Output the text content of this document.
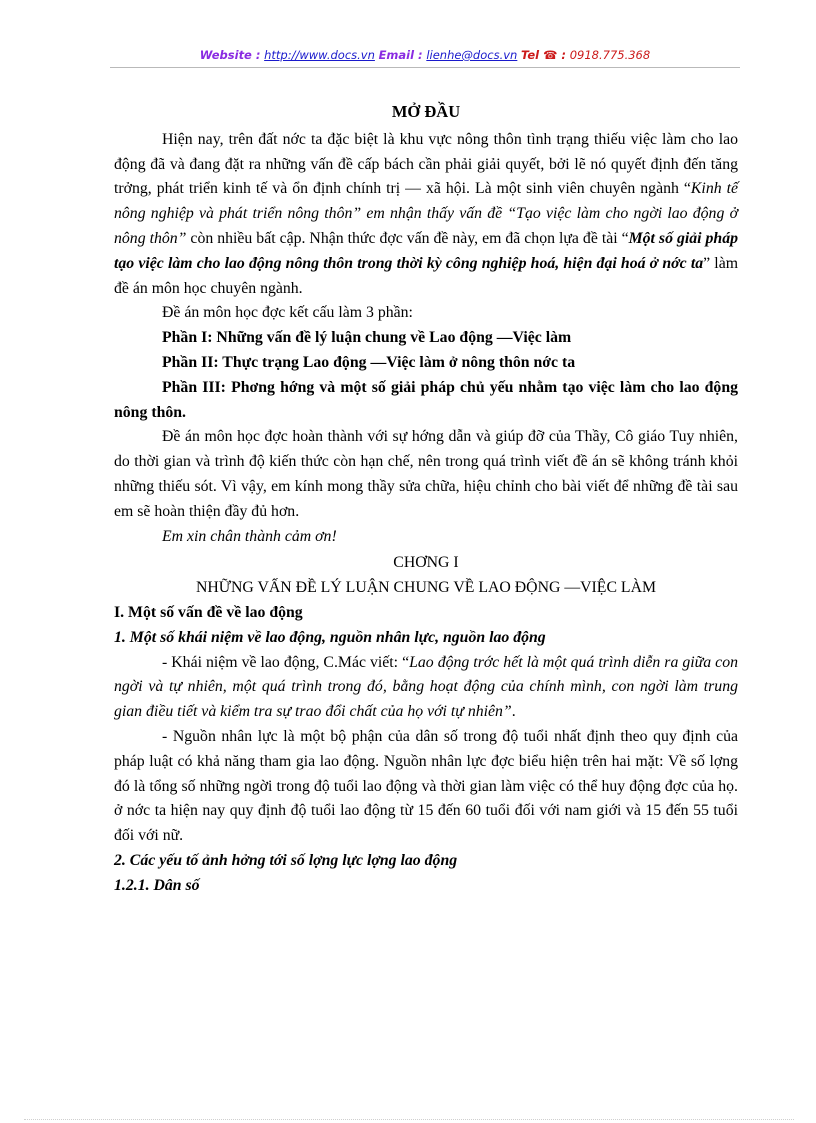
Website : http://www.docs.vn Email : lienhe@docs.vn Tel ☎ : 0918.775.368
MỞ ĐẦU

Hiện nay, trên đất nớc ta đặc biệt là khu vực nông thôn tình trạng thiếu việc làm cho lao động đã và đang đặt ra những vấn đề cấp bách cần phải giải quyết, bởi lẽ nó quyết định đến tăng trởng, phát triển kinh tế và ổn định chính trị — xã hội. Là một sinh viên chuyên ngành “Kinh tế nông nghiệp và phát triển nông thôn” em nhận thấy vấn đề “Tạo việc làm cho ngời lao động ở nông thôn” còn nhiều bất cập. Nhận thức đợc vấn đề này, em đã chọn lựa đề tài “Một số giải pháp tạo việc làm cho lao động nông thôn trong thời kỳ công nghiệp hoá, hiện đại hoá ở nớc ta” làm đề án môn học chuyên ngành.

Đề án môn học đợc kết cấu làm 3 phần:

Phần I: Những vấn đề lý luận chung về Lao động —Việc làm

Phần II: Thực trạng Lao động —Việc làm ở nông thôn nớc ta

Phần III: Phơng hớng và một số giải pháp chủ yếu nhằm tạo việc làm cho lao động nông thôn.

Đề án môn học đợc hoàn thành với sự hớng dẫn và giúp đỡ của Thầy, Cô giáo Tuy nhiên, do thời gian và trình độ kiến thức còn hạn chế, nên trong quá trình viết đề án sẽ không tránh khỏi những thiếu sót. Vì vậy, em kính mong thầy sửa chữa, hiệu chỉnh cho bài viết để những đề tài sau em sẽ hoàn thiện đầy đủ hơn.

Em xin chân thành cảm ơn!

CHƠNG I

NHỮNG VẤN ĐỀ LÝ LUẬN CHUNG VỀ LAO ĐỘNG —VIỆC LÀM

I. Một số vấn đề về lao động

1. Một số khái niệm về lao động, nguồn nhân lực, nguồn lao động

- Khái niệm về lao động, C.Mác viết: “Lao động trớc hết là một quá trình diễn ra giữa con ngời và tự nhiên, một quá trình trong đó, bằng hoạt động của chính mình, con ngời làm trung gian điều tiết và kiểm tra sự trao đổi chất của họ với tự nhiên”.

- Nguồn nhân lực là một bộ phận của dân số trong độ tuổi nhất định theo quy định của pháp luật có khả năng tham gia lao động. Nguồn nhân lực đợc biểu hiện trên hai mặt: Về số lợng đó là tổng số những ngời trong độ tuổi lao động và thời gian làm việc có thể huy động đợc của họ. ở nớc ta hiện nay quy định độ tuổi lao động từ 15 đến 60 tuổi đối với nam giới và 15 đến 55 tuổi đối với nữ.

2. Các yếu tố ảnh hởng tới số lợng lực lợng lao động

1.2.1. Dân số
